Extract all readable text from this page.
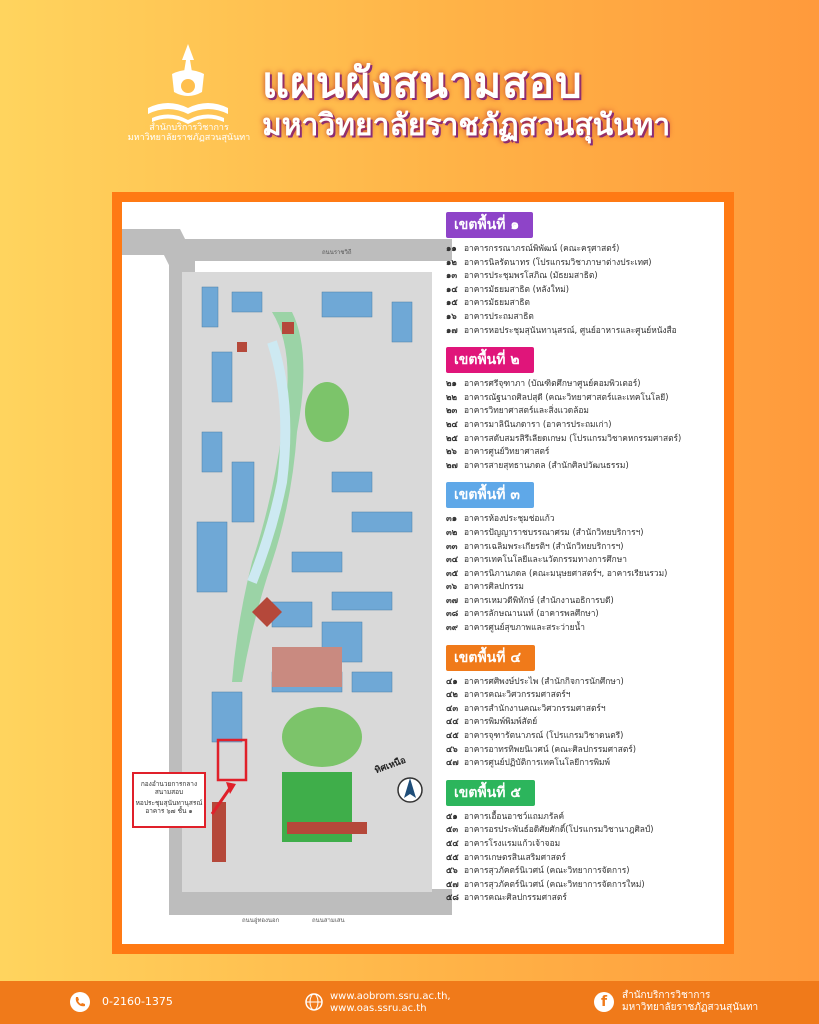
สำนักบริการวิชาการ
มหาวิทยาลัยราชภัฏสวนสุนันทา
แผนผังสนามสอบ
มหาวิทยาลัยราชภัฏสวนสุนันทา
ถนนราชวิถี
ถนนอู่ทองนอก	ถนนสามเสน
กองอำนวยการกลาง สนามสอบ
หอประชุมสุนันทานุสรณ์ อาคาร ๖๗ ชั้น ๑
ทิศเหนือ
เขตพื้นที่ ๑
๑๑ อาคารกรรณาภรณ์พิพัฒน์ (คณะครุศาสตร์)
๑๒ อาคารนิลรัตนาทร (โปรแกรมวิชาภาษาต่างประเทศ)
๑๓ อาคารประชุมพรโสภิณ (มัธยมสาธิต)
๑๔ อาคารมัธยมสาธิต (หลังใหม่)
๑๕ อาคารมัธยมสาธิต
๑๖ อาคารประถมสาธิต
๑๗ อาคารหอประชุมสุนันทานุสรณ์, ศูนย์อาหารและศูนย์หนังสือ
เขตพื้นที่ ๒
๒๑ อาคารศรีจุฑาภา (บัณฑิตศึกษาศูนย์คอมพิวเตอร์)
๒๒ อาคารณัฐนาถศิลปสุดี (คณะวิทยาศาสตร์และเทคโนโลยี)
๒๓ อาคารวิทยาศาสตร์และสิ่งแวดล้อม
๒๔ อาคารมาลินีนภดารา (อาคารประถมเก่า)
๒๕ อาคารสดับสมรสิรีเลียดเกษม (โปรแกรมวิชาคหกรรมศาสตร์)
๒๖ อาคารศูนย์วิทยาศาสตร์
๒๗ อาคารสายสุทธานภดล (สำนักศิลปวัฒนธรรม)
เขตพื้นที่ ๓
๓๑ อาคารห้องประชุมช่อแก้ว
๓๒ อาคารปัญญาราชบรรณาศรม (สำนักวิทยบริการฯ)
๓๓ อาคารเฉลิมพระเกียรติฯ (สำนักวิทยบริการฯ)
๓๔ อาคารเทคโนโลยีและนวัตกรรมทางการศึกษา
๓๕ อาคารนิภานภดล (คณะมนุษยศาสตร์ฯ, อาคารเรียนรวม)
๓๖ อาคารศิลปกรรม
๓๗ อาคารเหมวดีพิทักษ์ (สำนักงานอธิการบดี)
๓๘ อาคารลักษณานนท์ (อาคารพลศึกษา)
๓๙ อาคารศูนย์สุขภาพและสระว่ายน้ำ
เขตพื้นที่ ๔
๔๑ อาคารศศิพงษ์ประไพ (สำนักกิจการนักศึกษา)
๔๒ อาคารคณะวิศวกรรมศาสตร์ฯ
๔๓ อาคารสำนักงานคณะวิศวกรรมศาสตร์ฯ
๔๔ อาคารพิมพ์พิมพ์สัตย์
๔๕ อาคารจุฑารัตนาภรณ์ (โปรแกรมวิชาดนตรี)
๔๖ อาคารอาทรทิพยนิเวศน์ (คณะศิลปกรรมศาสตร์)
๔๗ อาคารศูนย์ปฏิบัติการเทคโนโลยีการพิมพ์
เขตพื้นที่ ๕
๕๑ อาคารเอื้อนอาชว์แถมภรัลค์
๕๓ อาคารอรประพันธ์อดิศัยศักดิ์(โปรแกรมวิชานาฎศิลป์)
๕๔ อาคารโรงแรมแก้วเจ้าจอม
๕๕ อาคารเกษตรสินเสริมศาสตร์
๕๖ อาคารสุวภัคตร์นิเวศน์ (คณะวิทยาการจัดการ)
๕๗ อาคารสุวภัคตร์นิเวศน์ (คณะวิทยาการจัดการใหม่)
๕๘ อาคารคณะศิลปกรรมศาสตร์
0-2160-1375	www.aobrom.ssru.ac.th,
www.oas.ssru.ac.th	f	สำนักบริการวิชาการ
มหาวิทยาลัยราชภัฏสวนสุนันทา
